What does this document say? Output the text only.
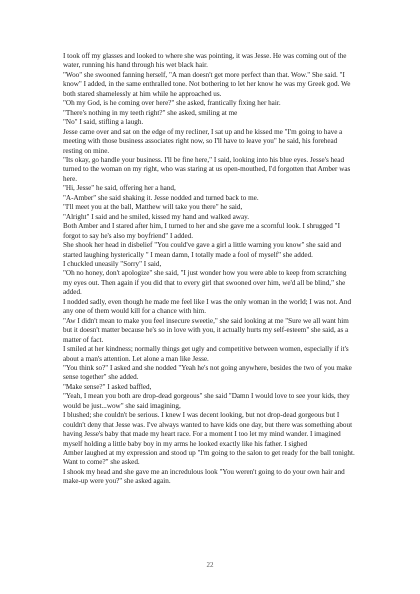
I took off my glasses and looked to where she was pointing, it was Jesse. He was coming out of the water, running his hand through his wet black hair.

"Woo" she swooned fanning herself, "A man doesn't get more perfect than that. Wow." She said. "I know" I added, in the same enthralled tone. Not bothering to let her know he was my Greek god. We both stared shamelessly at him while he approached us.

"Oh my God, is he coming over here?" she asked, frantically fixing her hair.

"There's nothing in my teeth right?" she asked, smiling at me

"No" I said, stifling a laugh.

Jesse came over and sat on the edge of my recliner, I sat up and he kissed me "I'm going to have a meeting with those business associates right now, so I'll have to leave you" he said, his forehead resting on mine.

"Its okay, go handle your business. I'll be fine here," I said, looking into his blue eyes. Jesse's head turned to the woman on my right, who was staring at us open-mouthed, I'd forgotten that Amber was here.

"Hi, Jesse" he said, offering her a hand,

"A-Amber" she said shaking it. Jesse nodded and turned back to me.

"I'll meet you at the ball, Matthew will take you there" he said,

"Alright" I said and he smiled, kissed my hand and walked away.

Both Amber and I stared after him, I turned to her and she gave me a scornful look. I shrugged "I forgot to say he's also my boyfriend" I added.

She shook her head in disbelief "You could've gave a girl a little warning you know" she said and started laughing hysterically " I mean damn, I totally made a fool of myself" she added.

I chuckled uneasily "Sorry" I said,

"Oh no honey, don't apologize" she said, "I just wonder how you were able to keep from scratching my eyes out. Then again if you did that to every girl that swooned over him, we'd all be blind," she added.

I nodded sadly, even though he made me feel like I was the only woman in the world; I was not. And any one of them would kill for a chance with him.

"Aw I didn't mean to make you feel insecure sweetie," she said looking at me "Sure we all want him but it doesn't matter because he's so in love with you, it actually hurts my self-esteem" she said, as a matter of fact.

I smiled at her kindness; normally things get ugly and competitive between women, especially if it's about a man's attention. Let alone a man like Jesse.

"You think so?" I asked and she nodded "Yeah he's not going anywhere, besides the two of you make sense together" she added.

"Make sense?" I asked baffled,

"Yeah, I mean you both are drop-dead gorgeous" she said "Damn I would love to see your kids, they would be just...wow" she said imagining,

I blushed; she couldn't be serious. I knew I was decent looking, but not drop-dead gorgeous but I couldn't deny that Jesse was. I've always wanted to have kids one day, but there was something about having Jesse's baby that made my heart race. For a moment I too let my mind wander. I imagined myself holding a little baby boy in my arms he looked exactly like his father. I sighed

Amber laughed at my expression and stood up "I'm going to the salon to get ready for the ball tonight. Want to come?" she asked.

I shook my head and she gave me an incredulous look "You weren't going to do your own hair and make-up were you?" she asked again.

22
